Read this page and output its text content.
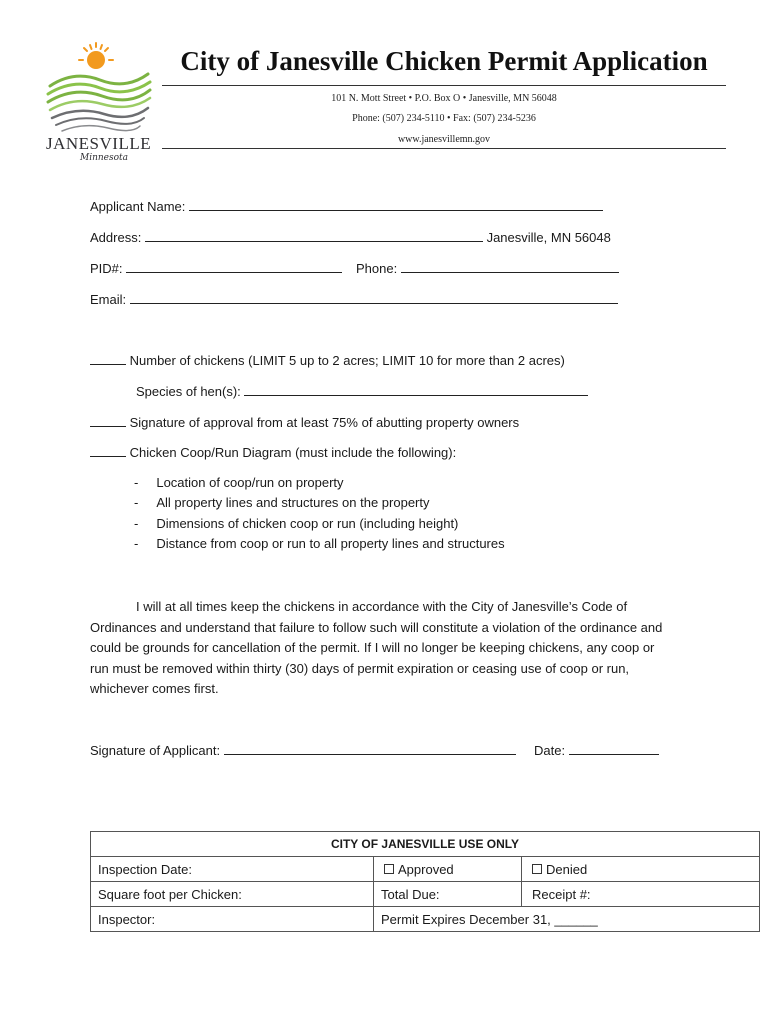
JANESVILLE
Minnesota
City of Janesville Chicken Permit Application
101 N. Mott Street • P.O. Box O • Janesville, MN 56048
Phone: (507) 234-5110 • Fax: (507) 234-5236
www.janesvillemn.gov
Applicant Name:
Address:	Janesville, MN 56048
PID#:	Phone:
Email:
Number of chickens (LIMIT 5 up to 2 acres; LIMIT 10 for more than 2 acres)
Species of hen(s):
Signature of approval from at least 75% of abutting property owners
Chicken Coop/Run Diagram (must include the following):
- Location of coop/run on property
- All property lines and structures on the property
- Dimensions of chicken coop or run (including height)
- Distance from coop or run to all property lines and structures
I will at all times keep the chickens in accordance with the City of Janesville’s Code of Ordinances and understand that failure to follow such will constitute a violation of the ordinance and could be grounds for cancellation of the permit. If I will no longer be keeping chickens, any coop or run must be removed within thirty (30) days of permit expiration or ceasing use of coop or run, whichever comes first.
Signature of Applicant:	Date:
CITY OF JANESVILLE USE ONLY		
Inspection Date:	Approved	Denied
Square foot per Chicken:	Total Due:	Receipt #:
Inspector:	Permit Expires December 31, ______	
